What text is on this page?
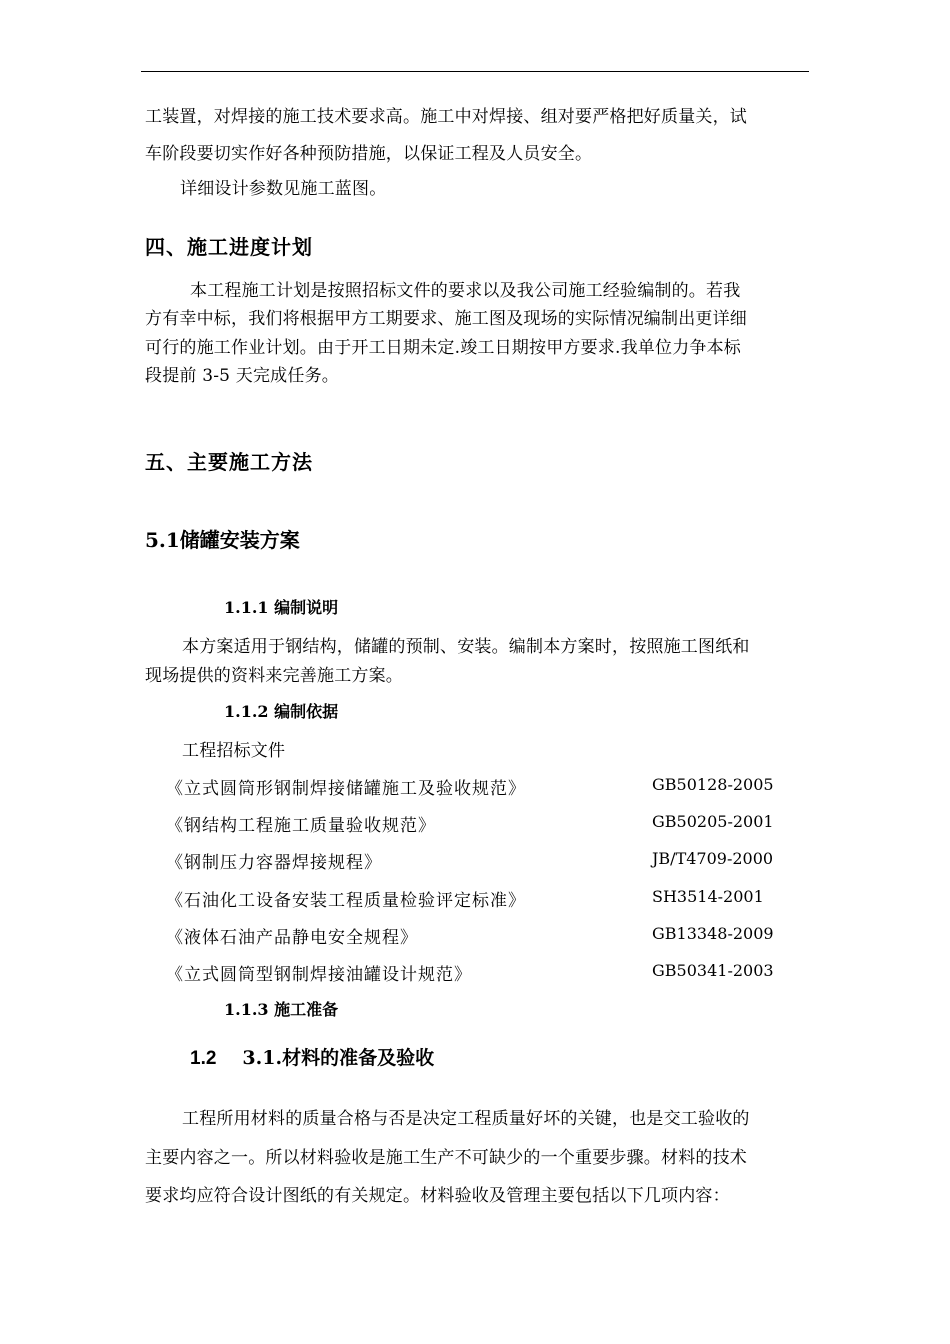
工装置，对焊接的施工技术要求高。施工中对焊接、组对要严格把好质量关，试
车阶段要切实作好各种预防措施，以保证工程及人员安全。
详细设计参数见施工蓝图。
四、施工进度计划
本工程施工计划是按照招标文件的要求以及我公司施工经验编制的。若我
方有幸中标，我们将根据甲方工期要求、施工图及现场的实际情况编制出更详细
可行的施工作业计划。由于开工日期未定.竣工日期按甲方要求.我单位力争本标
段提前 3-5 天完成任务。
五、主要施工方法
5.1储罐安装方案
1.1.1 编制说明
本方案适用于钢结构，储罐的预制、安装。编制本方案时，按照施工图纸和
现场提供的资料来完善施工方案。
1.1.2 编制依据
工程招标文件
《立式圆筒形钢制焊接储罐施工及验收规范》	GB50128-2005
《钢结构工程施工质量验收规范》	GB50205-2001
《钢制压力容器焊接规程》	JB/T4709-2000
《石油化工设备安装工程质量检验评定标准》	SH3514-2001
《液体石油产品静电安全规程》	GB13348-2009
《立式圆筒型钢制焊接油罐设计规范》	GB50341-2003
1.1.3 施工准备
1.2 3.1.材料的准备及验收
工程所用材料的质量合格与否是决定工程质量好坏的关键，也是交工验收的
主要内容之一。所以材料验收是施工生产不可缺少的一个重要步骤。材料的技术
要求均应符合设计图纸的有关规定。材料验收及管理主要包括以下几项内容：
